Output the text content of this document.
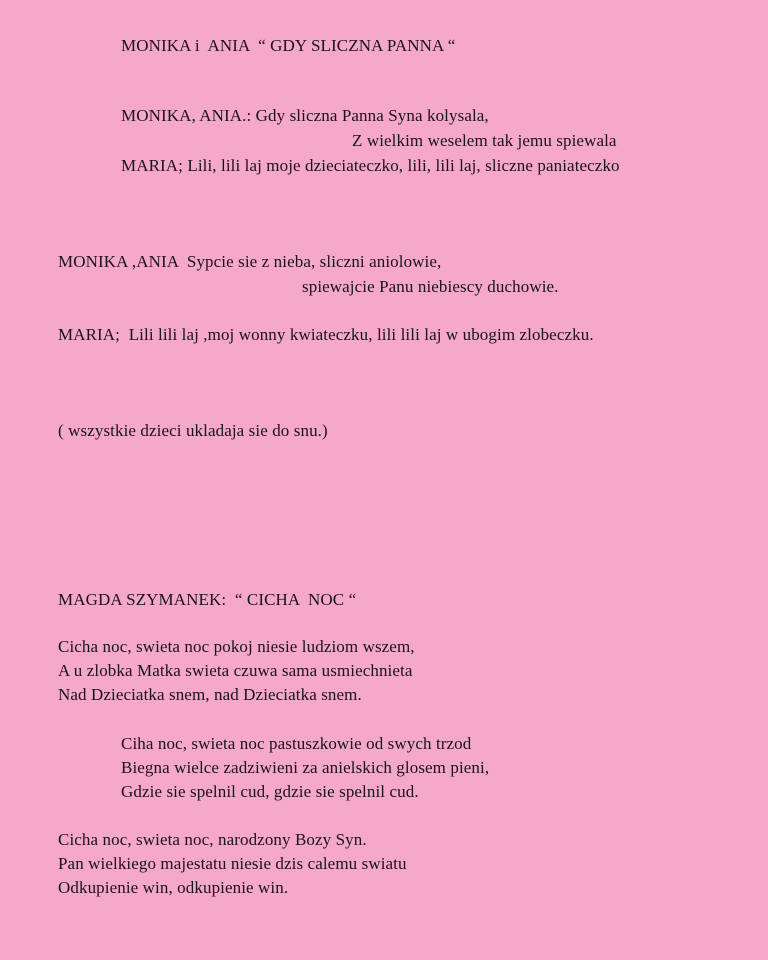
MONIKA i  ANIA  “ GDY SLICZNA PANNA “
MONIKA, ANIA.: Gdy sliczna Panna Syna kolysala,
Z wielkim weselem tak jemu spiewala
MARIA; Lili, lili laj moje dzieciateczko, lili, lili laj, sliczne paniateczko
MONIKA ,ANIA  Sypcie sie z nieba, sliczni aniolowie,
spiewajcie Panu niebiescy duchowie.
MARIA;  Lili lili laj ,moj wonny kwiateczku, lili lili laj w ubogim zlobeczku.
( wszystkie dzieci ukladaja sie do snu.)
MAGDA SZYMANEK:  “ CICHA  NOC “
Cicha noc, swieta noc pokoj niesie ludziom wszem,
A u zlobka Matka swieta czuwa sama usmiechnieta
Nad Dzieciatka snem, nad Dzieciatka snem.
Ciha noc, swieta noc pastuszkowie od swych trzod
Biegna wielce zadziwieni za anielskich glosem pieni,
Gdzie sie spelnil cud, gdzie sie spelnil cud.
Cicha noc, swieta noc, narodzony Bozy Syn.
Pan wielkiego majestatu niesie dzis calemu swiatu
Odkupienie win, odkupienie win.
